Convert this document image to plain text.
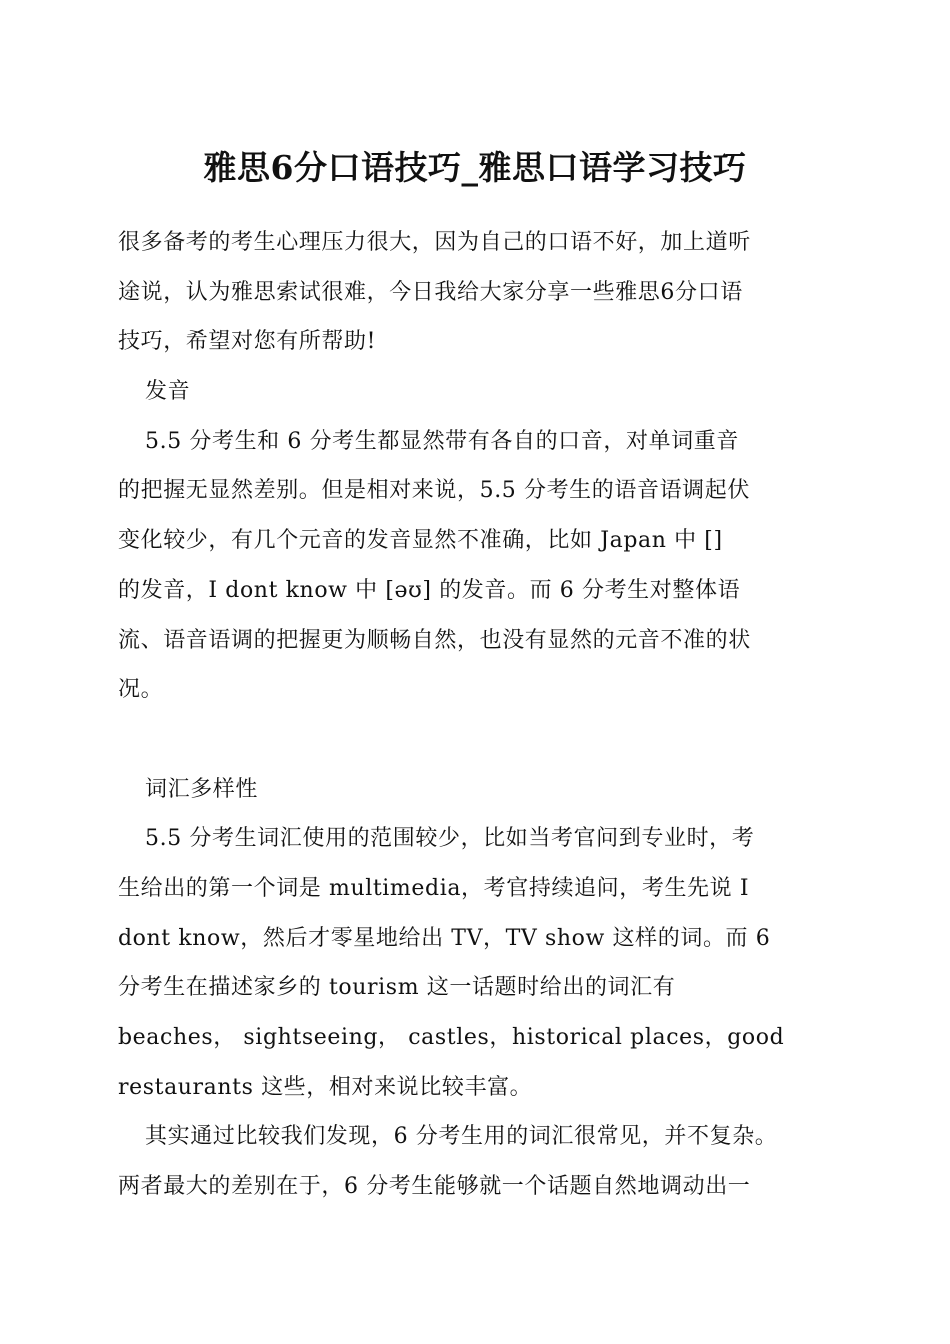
雅思6分口语技巧_雅思口语学习技巧
很多备考的考生心理压力很大，因为自己的口语不好，加上道听
途说，认为雅思索试很难，今日我给大家分享一些雅思6分口语
技巧，希望对您有所帮助!
发音
5.5 分考生和 6 分考生都显然带有各自的口音，对单词重音
的把握无显然差别。但是相对来说，5.5 分考生的语音语调起伏
变化较少，有几个元音的发音显然不准确，比如 Japan 中 []
的发音，I dont know 中 [əʊ] 的发音。而 6 分考生对整体语
流、语音语调的把握更为顺畅自然，也没有显然的元音不准的状
况。
词汇多样性
5.5 分考生词汇使用的范围较少，比如当考官问到专业时，考
生给出的第一个词是 multimedia，考官持续追问，考生先说 I
dont know，然后才零星地给出 TV，TV show 这样的词。而 6
分考生在描述家乡的 tourism 这一话题时给出的词汇有
beaches， sightseeing， castles，historical places，good
restaurants 这些，相对来说比较丰富。
其实通过比较我们发现，6 分考生用的词汇很常见，并不复杂。
两者最大的差别在于，6 分考生能够就一个话题自然地调动出一
